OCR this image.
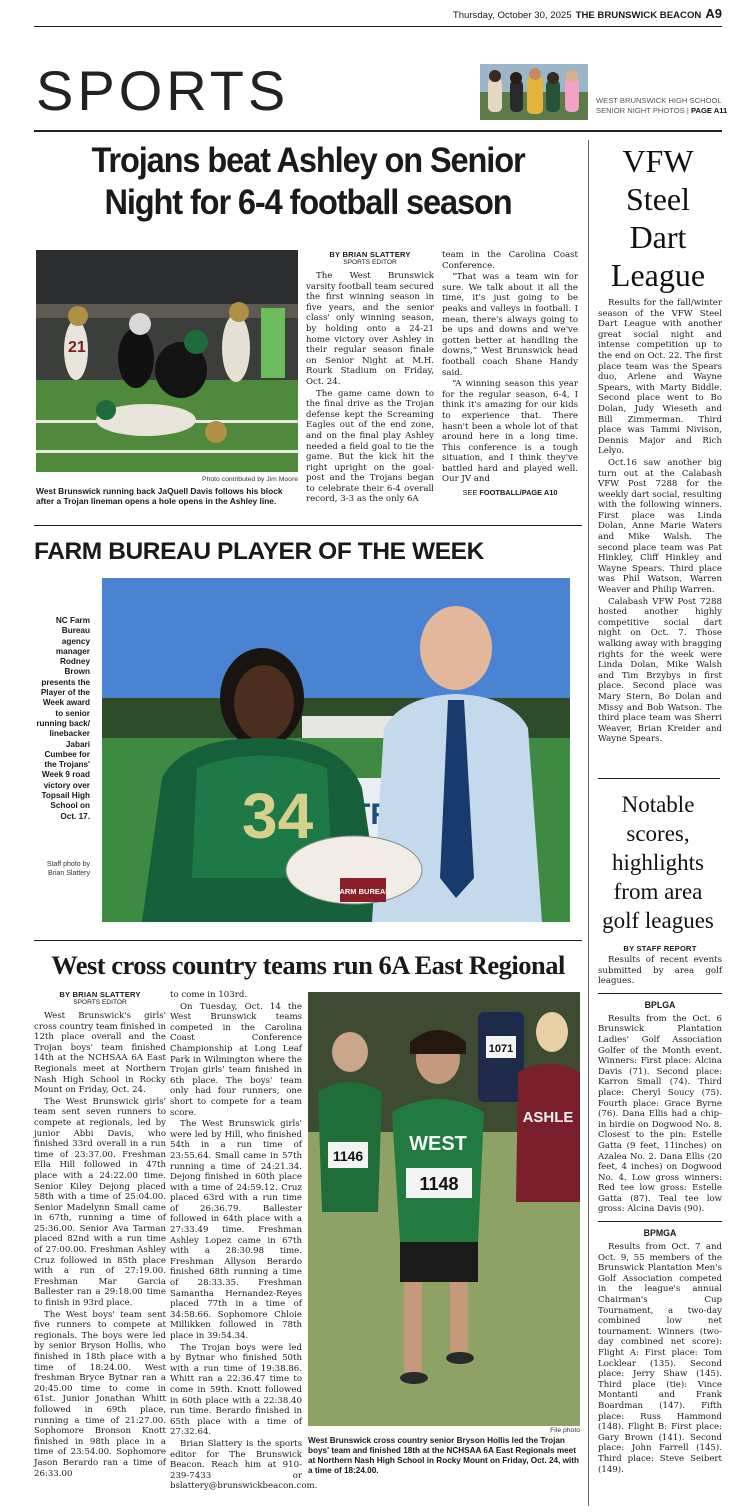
Thursday, October 30, 2025 THE BRUNSWICK BEACON A9
SPORTS	WEST BRUNSWICK HIGH SCHOOL
SENIOR NIGHT PHOTOS | PAGE A11
Trojans beat Ashley on Senior
Night for 6-4 football season
21
Photo contributed by Jim Moore
West Brunswick running back JaQuell Davis follows his block after a Trojan lineman opens a hole opens in the Ashley line.
BY BRIAN SLATTERY
SPORTS EDITOR

The West Brunswick varsity football team secured the first winning season in five years, and the senior class' only winning season, by holding onto a 24-21 home victory over Ashley in their regular season finale on Senior Night at M.H. Rourk Stadium on Friday, Oct. 24.

The game came down to the final drive as the Trojan defense kept the Screaming Eagles out of the end zone, and on the final play Ashley needed a field goal to tie the game. But the kick hit the right upright on the goal-post and the Trojans began to celebrate their 6-4 overall record, 3-3 as the only 6A

team in the Carolina Coast Conference.

“That was a team win for sure. We talk about it all the time, it's just going to be peaks and valleys in football. I mean, there's always going to be ups and downs and we've gotten better at handling the downs,” West Brunswick head football coach Shane Handy said.

“A winning season this year for the regular season, 6-4, I think it's amazing for our kids to experience that. There hasn't been a whole lot of that around here in a long time. This conference is a tough situation, and I think they've battled hard and played well. Our JV and

SEE FOOTBALL/PAGE A10
FARM BUREAU PLAYER OF THE WEEK
NC Farm Bureau agency manager Rodney Brown presents the Player of the Week award to senior running back/ linebacker Jabari Cumbee for the Trojans' Week 9 road victory over Topsail High School on Oct. 17.
Staff photo by Brian Slattery
34
FARM BUREAU
West cross country teams run 6A East Regional
BY BRIAN SLATTERY
SPORTS EDITOR

West Brunswick's girls' cross country team finished in 12th place overall and the Trojan boys' team finished 14th at the NCHSAA 6A East Regionals meet at Northern Nash High School in Rocky Mount on Friday, Oct. 24.

The West Brunswick girls' team sent seven runners to compete at regionals, led by junior Abbi Davis, who finished 33rd overall in a run time of 23:37.00. Freshman Ella Hill followed in 47th place with a 24:22.00 time. Senior Kiley Dejong placed 58th with a time of 25:04.00. Senior Madelynn Small came in 67th, running a time of 25:36.00. Senior Ava Tarman placed 82nd with a run time of 27:00.00. Freshman Ashley Cruz followed in 85th place with a run of 27:19.00. Freshman Mar Garcia Ballester ran a 29:18.00 time to finish in 93rd place.

The West boys' team sent five runners to compete at regionals. The boys were led by senior Bryson Hollis, who finished in 18th place with a time of 18:24.00. West freshman Bryce Bytnar ran a 20:45.00 time to come in 61st. Junior Jonathan Whitt followed in 69th place, running a time of 21:27.00. Sophomore Bronson Knott finished in 98th place in a time of 23:54.00. Sophomore Jason Berardo ran a time of 26:33.00

to come in 103rd.

On Tuesday, Oct. 14 the West Brunswick teams competed in the Carolina Coast Conference Championship at Long Leaf Park in Wilmington where the Trojan girls' team finished in 6th place. The boys' team only had four runners, one short to compete for a team score.

The West Brunswick girls' were led by Hill, who finished 54th in a run time of 23:55.64. Small came in 57th running a time of 24:21.34. Dejong finished in 60th place with a time of 24:59.12. Cruz placed 63rd with a run time of 26:36.79. Ballester followed in 64th place with a 27:33.49 time. Freshman Ashley Lopez came in 67th with a 28:30.98 time. Freshman Allyson Berardo finished 68th running a time of 28:33.35. Freshman Samantha Hernandez-Reyes placed 77th in a time of 34:58.66. Sophomore Chloie Millikken followed in 78th place in 39:54.34.

The Trojan boys were led by Bytnar who finished 50th with a run time of 19:38.86. Whitt ran a 22:36.47 time to come in 59th. Knott followed in 60th place with a 22:38.40 run time. Berardo finished in 65th place with a time of 27:32.64.

Brian Slattery is the sports editor for The Brunswick Beacon. Reach him at 910-239-7433 or bslattery@brunswickbeacon.com.

1146
1071
ASHLE
WEST
1148
File photo
West Brunswick cross country senior Bryson Hollis led the Trojan boys' team and finished 18th at the NCHSAA 6A East Regionals meet at Northern Nash High School in Rocky Mount on Friday, Oct. 24, with a time of 18:24.00.
VFW
Steel
Dart
League

Results for the fall/winter season of the VFW Steel Dart League with another great social night and intense competition up to the end on Oct. 22. The first place team was the Spears duo, Arlene and Wayne Spears, with Marty Biddle. Second place went to Bo Dolan, Judy Wieseth and Bill Zimmerman. Third place was Tammi Nivison, Dennis Major and Rich Lelyo.

Oct.16 saw another big turn out at the Calabash VFW Post 7288 for the weekly dart social, resulting with the following winners. First place was Linda Dolan, Anne Marie Waters and Mike Walsh. The second place team was Pat Hinkley, Cliff Hinkley and Wayne Spears. Third place was Phil Watson, Warren Weaver and Philip Warren.

Calabash VFW Post 7288 hosted another highly competitive social dart night on Oct. 7. Those walking away with bragging rights for the week were Linda Dolan, Mike Walsh and Tim Brzybys in first place. Second place was Mary Stern, Bo Dolan and Missy and Bob Watson. The third place team was Sherri Weaver, Brian Kreider and Wayne Spears.

Notable
scores,
highlights
from area
golf leagues
BY STAFF REPORT

Results of recent events submitted by area golf leagues.

BPLGA

Results from the Oct. 6 Brunswick Plantation Ladies' Golf Association Golfer of the Month event. Winners: First place: Alcina Davis (71). Second place: Karron Small (74). Third place: Cheryl Soucy (75). Fourth place: Grace Byrne (76). Dana Ellis had a chip-in birdie on Dogwood No. 8. Closest to the pin: Estelle Gatta (9 feet, 11inches) on Azalea No. 2. Dana Ellis (20 feet, 4 inches) on Dogwood No. 4. Low gross winners: Red tee low gross: Estelle Gatta (87). Teal tee low gross: Alcina Davis (90).

BPMGA

Results from Oct. 7 and Oct. 9, 55 members of the Brunswick Plantation Men's Golf Association competed in the league's annual Chairman's Cup Tournament, a two-day combined low net tournament. Winners (two-day combined net score): Flight A: First place: Tom Locklear (135). Second place: Jerry Shaw (145). Third place (tie): Vince Montanti and Frank Boardman (147). Fifth place: Russ Hammond (148). Flight B: First place: Gary Brown (141). Second place: John Farrell (145). Third place: Steve Seibert (149).
